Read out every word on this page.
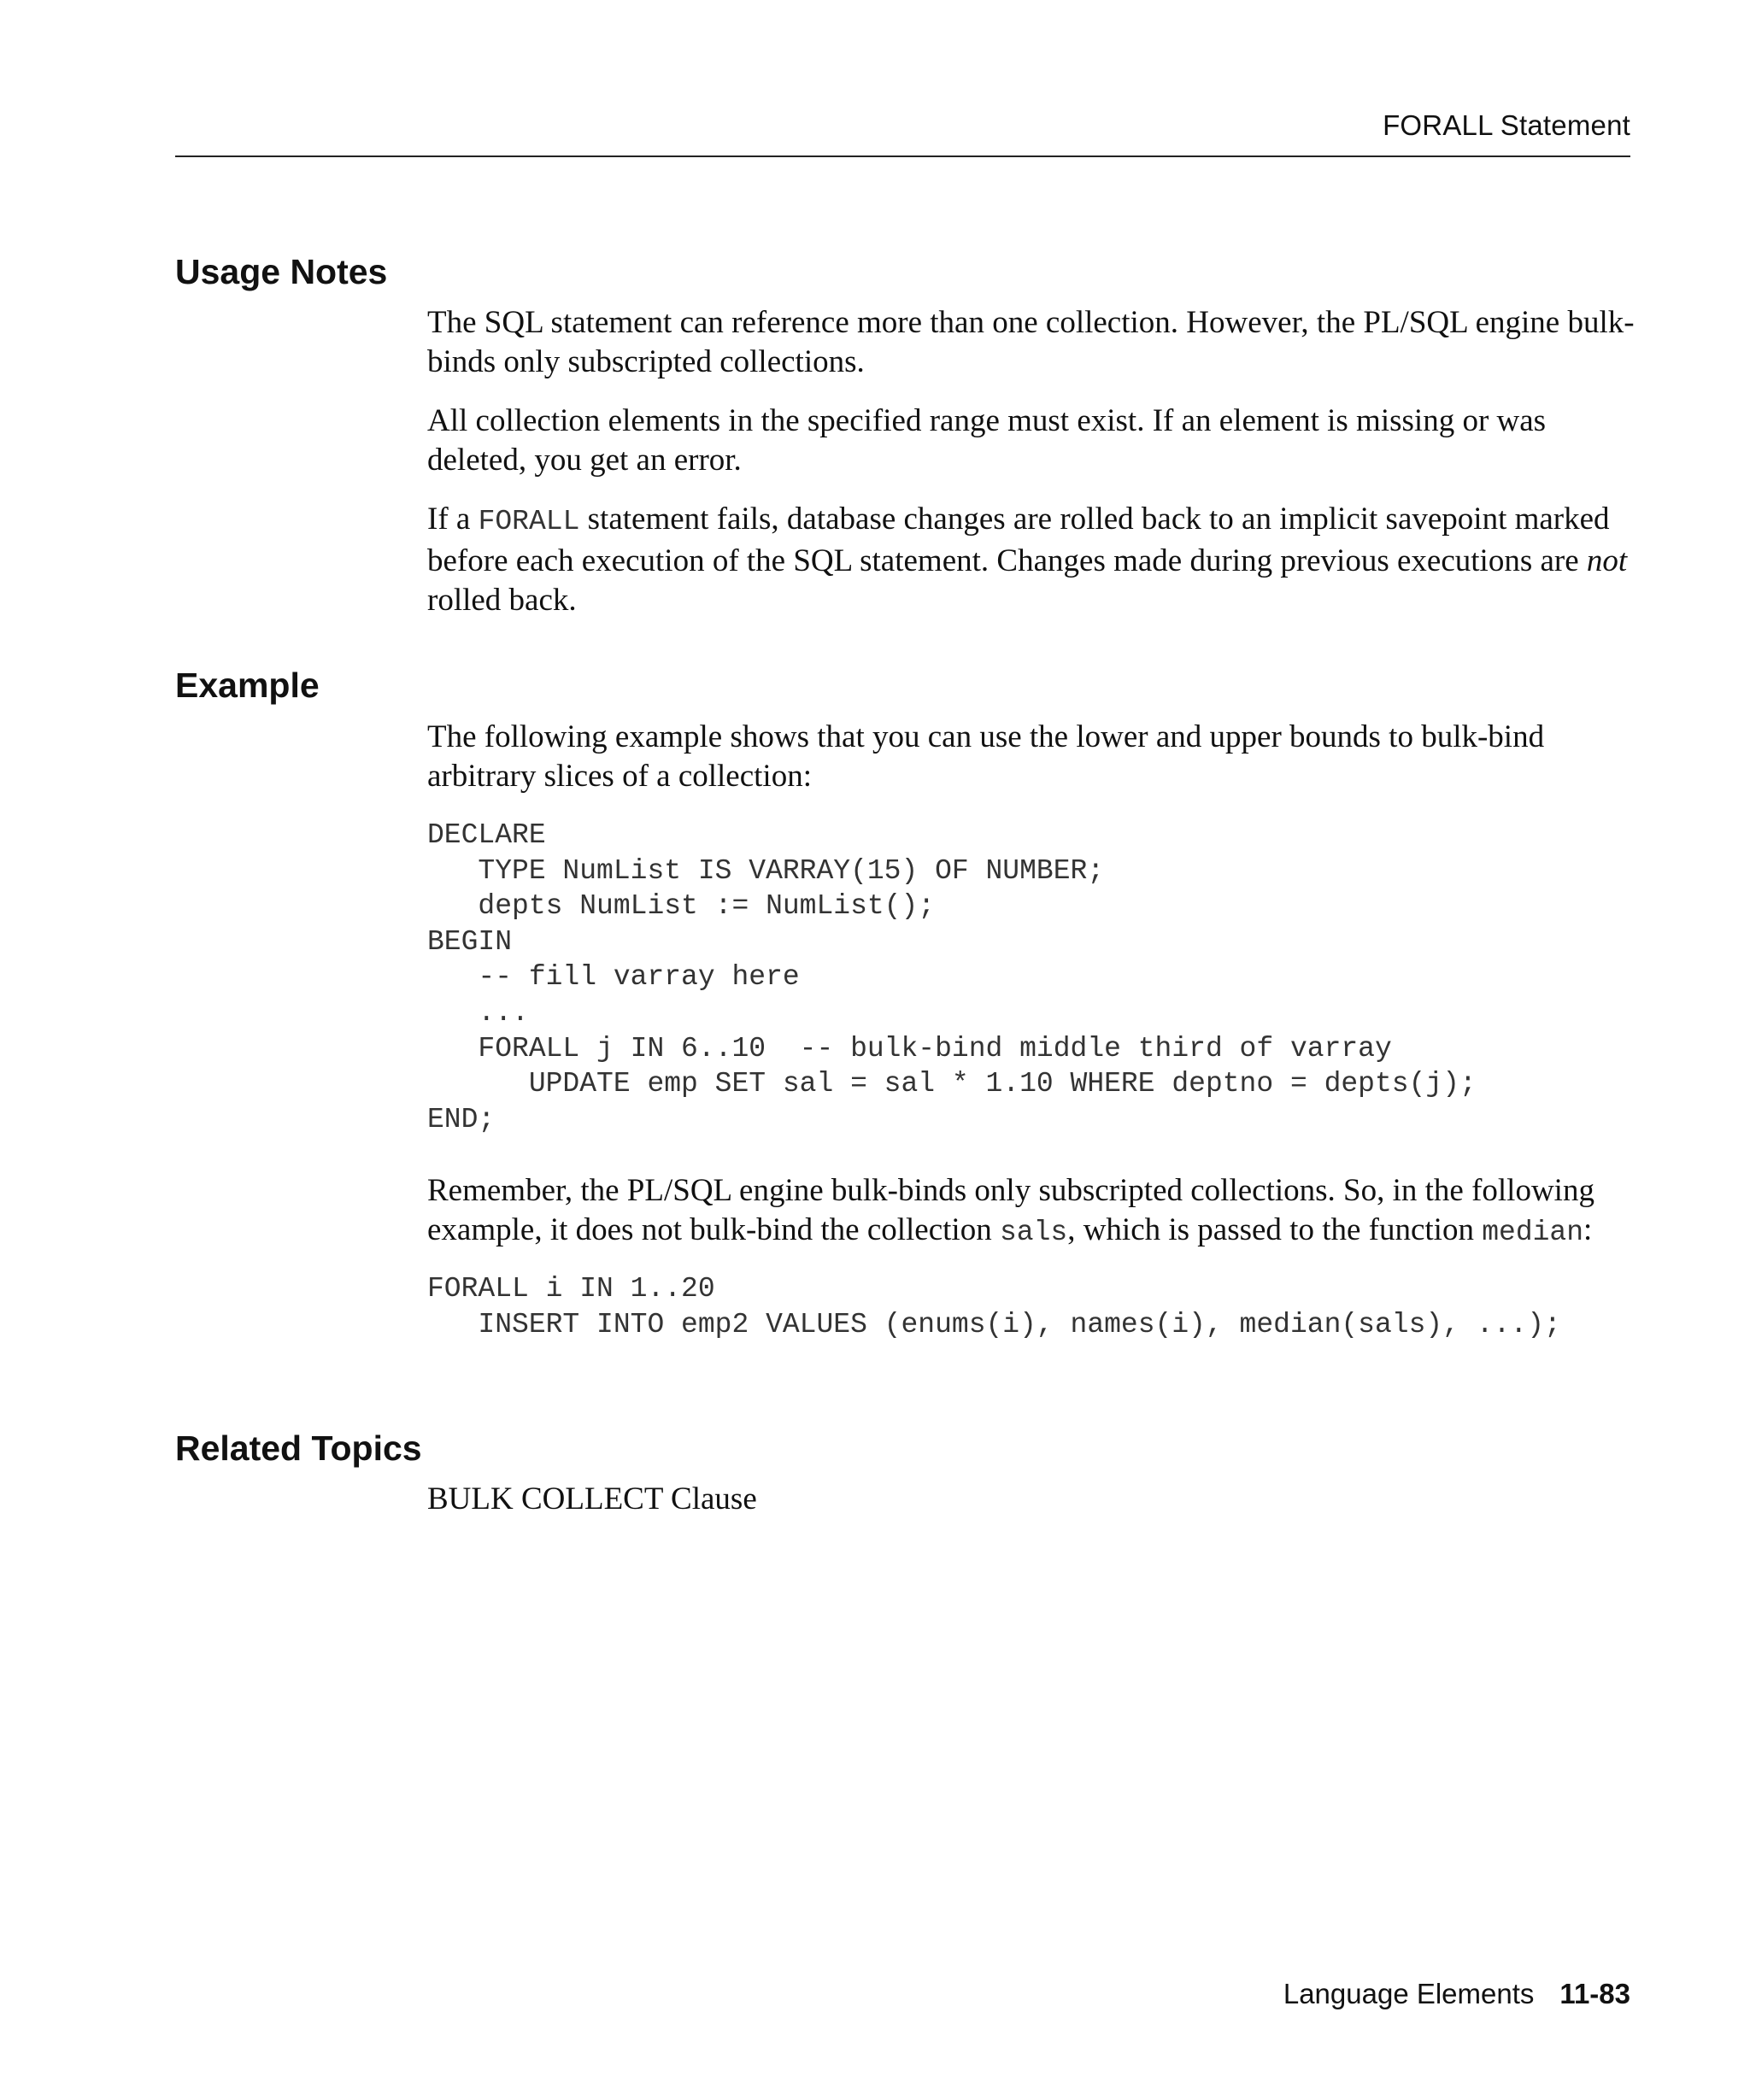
FORALL Statement
Usage Notes

The SQL statement can reference more than one collection. However, the PL/SQL engine bulk-binds only subscripted collections.

All collection elements in the specified range must exist. If an element is missing or was deleted, you get an error.

If a FORALL statement fails, database changes are rolled back to an implicit savepoint marked before each execution of the SQL statement. Changes made during previous executions are not rolled back.

Example

The following example shows that you can use the lower and upper bounds to bulk-bind arbitrary slices of a collection:

DECLARE
TYPE NumList IS VARRAY(15) OF NUMBER;
depts NumList := NumList();
BEGIN
-- fill varray here
...
FORALL j IN 6..10  -- bulk-bind middle third of varray
UPDATE emp SET sal = sal * 1.10 WHERE deptno = depts(j);
END;

Remember, the PL/SQL engine bulk-binds only subscripted collections. So, in the following example, it does not bulk-bind the collection sals, which is passed to the function median:

FORALL i IN 1..20
INSERT INTO emp2 VALUES (enums(i), names(i), median(sals), ...);
Related Topics

BULK COLLECT Clause

Language Elements 11-83
